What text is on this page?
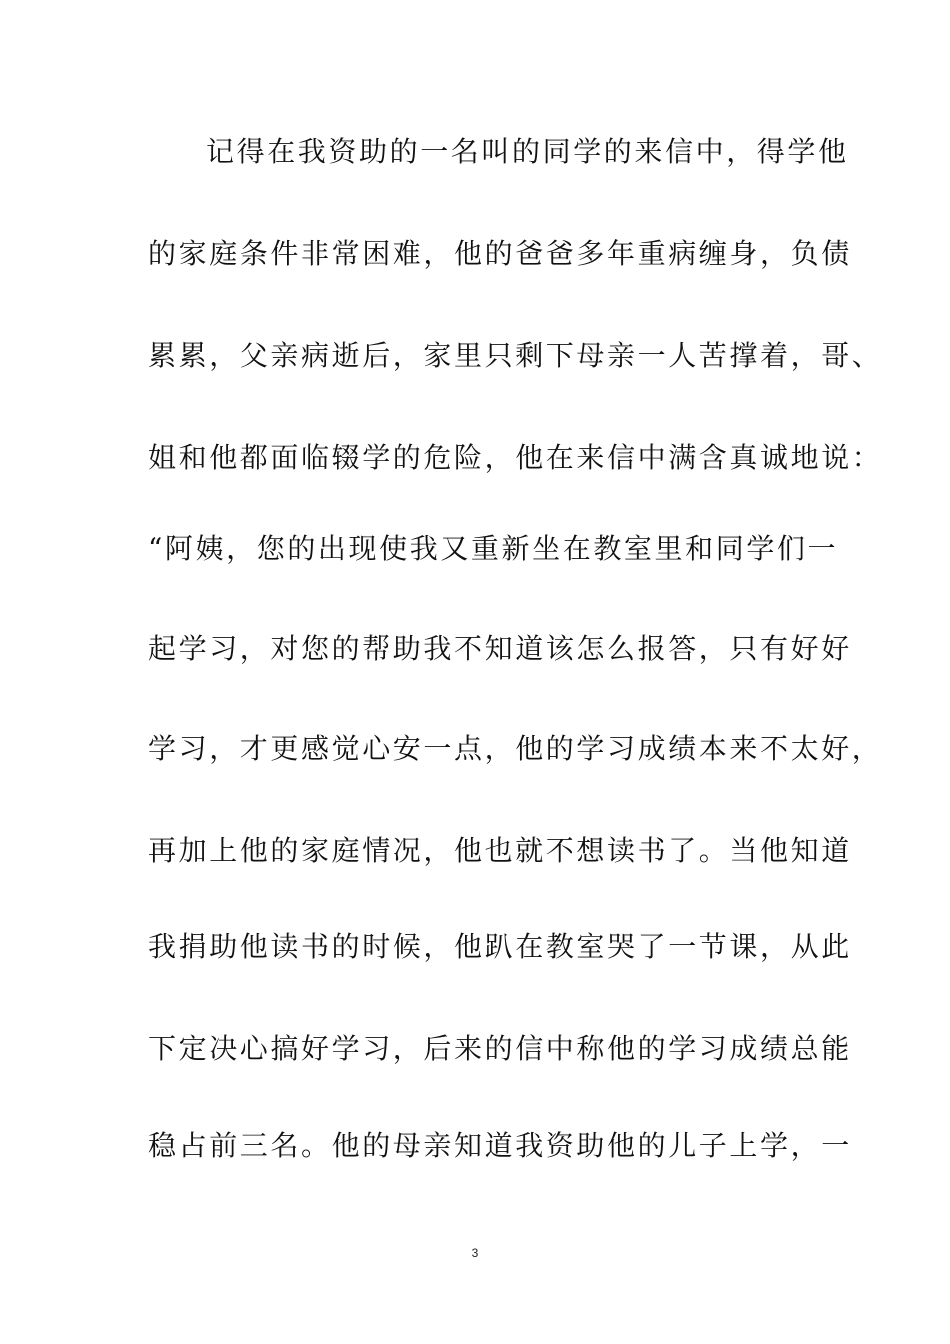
记得在我资助的一名叫的同学的来信中，得学他
的家庭条件非常困难，他的爸爸多年重病缠身，负债
累累，父亲病逝后，家里只剩下母亲一人苦撑着，哥、
姐和他都面临辍学的危险，他在来信中满含真诚地说：
“阿姨，您的出现使我又重新坐在教室里和同学们一
起学习，对您的帮助我不知道该怎么报答，只有好好
学习，才更感觉心安一点，他的学习成绩本来不太好，
再加上他的家庭情况，他也就不想读书了。当他知道
我捐助他读书的时候，他趴在教室哭了一节课，从此
下定决心搞好学习，后来的信中称他的学习成绩总能
稳占前三名。他的母亲知道我资助他的儿子上学，一
3
